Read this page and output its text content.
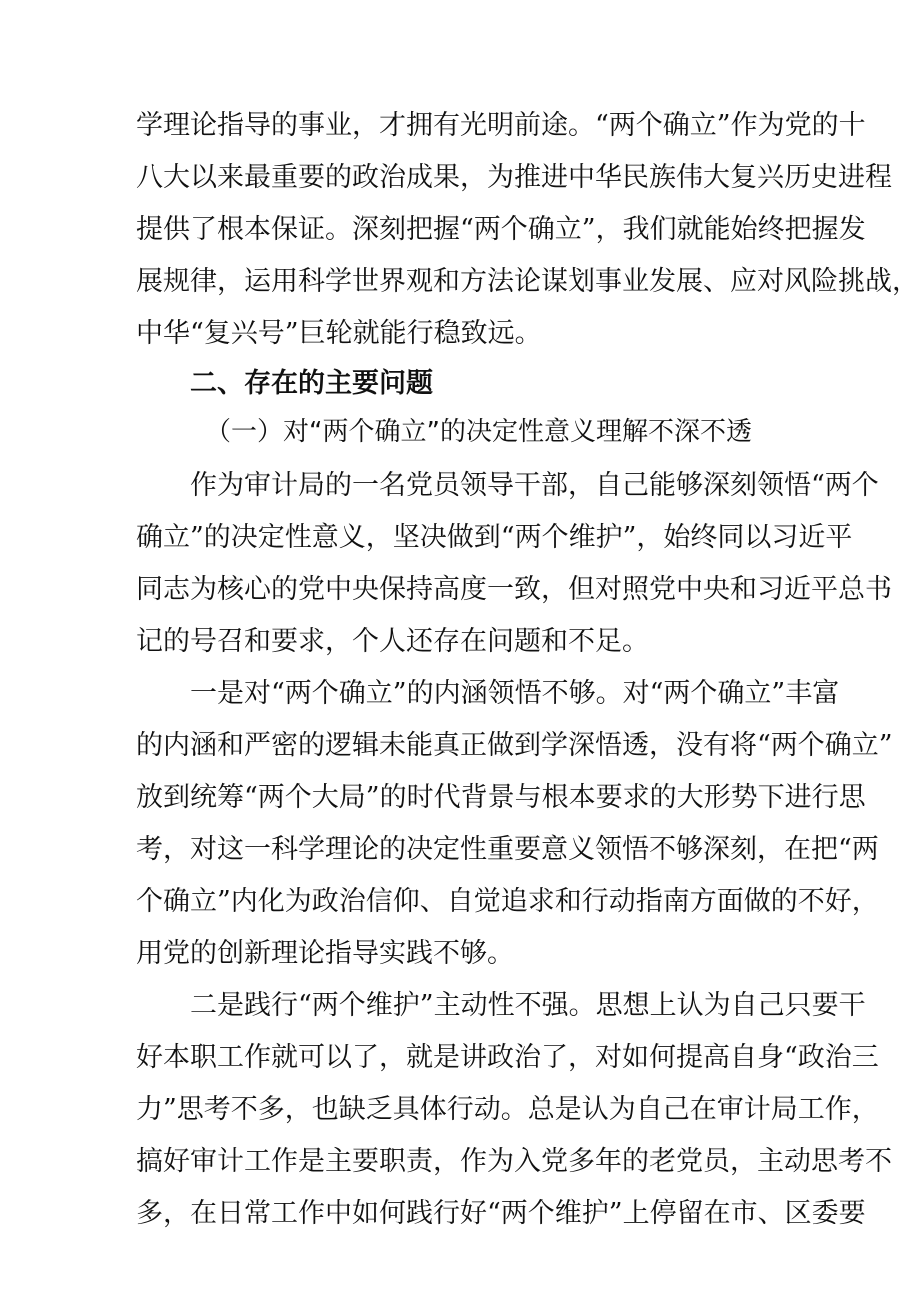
学理论指导的事业，才拥有光明前途。“两个确立”作为党的十
八大以来最重要的政治成果，为推进中华民族伟大复兴历史进程
提供了根本保证。深刻把握“两个确立”，我们就能始终把握发
展规律，运用科学世界观和方法论谋划事业发展、应对风险挑战，
中华“复兴号”巨轮就能行稳致远。
二、存在的主要问题
（一）对“两个确立”的决定性意义理解不深不透
作为审计局的一名党员领导干部，自己能够深刻领悟“两个
确立”的决定性意义，坚决做到“两个维护”，始终同以习近平
同志为核心的党中央保持高度一致，但对照党中央和习近平总书
记的号召和要求，个人还存在问题和不足。
一是对“两个确立”的内涵领悟不够。对“两个确立”丰富
的内涵和严密的逻辑未能真正做到学深悟透，没有将“两个确立”
放到统筹“两个大局”的时代背景与根本要求的大形势下进行思
考，对这一科学理论的决定性重要意义领悟不够深刻，在把“两
个确立”内化为政治信仰、自觉追求和行动指南方面做的不好，
用党的创新理论指导实践不够。
二是践行“两个维护”主动性不强。思想上认为自己只要干
好本职工作就可以了，就是讲政治了，对如何提高自身“政治三
力”思考不多，也缺乏具体行动。总是认为自己在审计局工作，
搞好审计工作是主要职责，作为入党多年的老党员，主动思考不
多，在日常工作中如何践行好“两个维护”上停留在市、区委要
